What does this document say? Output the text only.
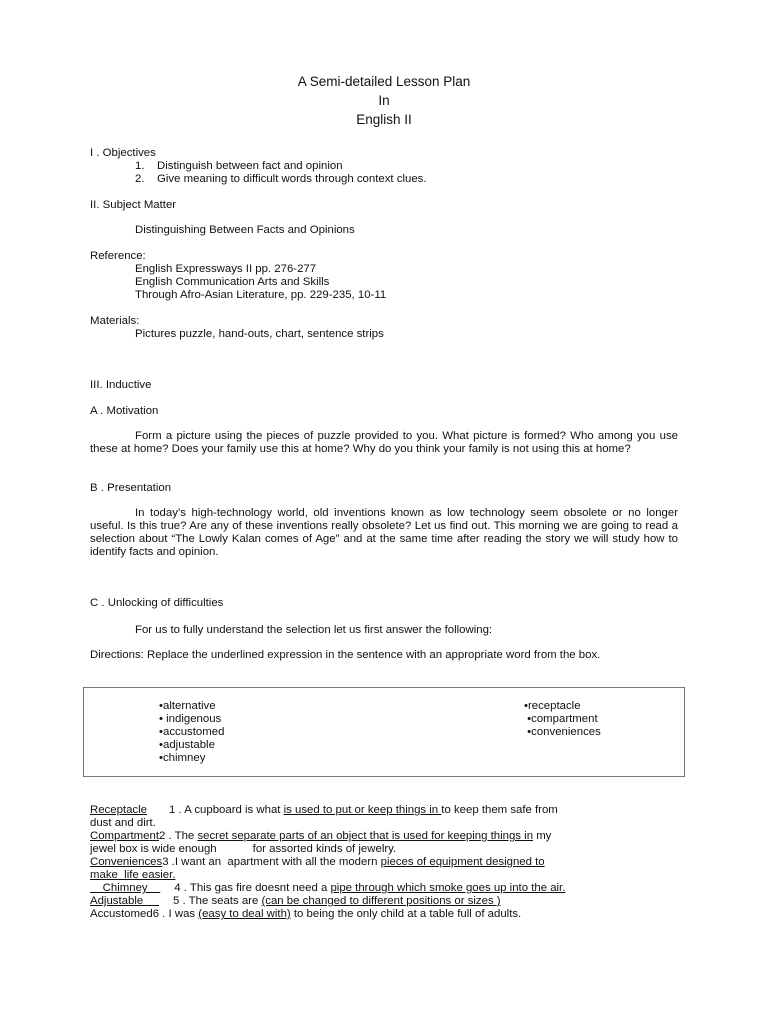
A Semi-detailed Lesson Plan
In
English II
I . Objectives
1. Distinguish between fact and opinion
2. Give meaning to difficult words through context clues.
II. Subject Matter
Distinguishing Between Facts and Opinions
Reference:
English Expressways II pp. 276-277
English Communication Arts and Skills
Through Afro-Asian Literature, pp. 229-235, 10-11
Materials:
Pictures puzzle, hand-outs, chart, sentence strips
III. Inductive
A . Motivation
Form a picture using the pieces of puzzle provided to you. What picture is formed? Who among you use these at home? Does your family use this at home? Why do you think your family is not using this at home?
B . Presentation
In today’s high-technology world, old inventions known as low technology seem obsolete or no longer useful. Is this true? Are any of these inventions really obsolete? Let us find out. This morning we are going to read a selection about “The Lowly Kalan comes of Age” and at the same time after reading the story we will study how to identify facts and opinion.
C . Unlocking of difficulties
For us to fully understand the selection let us first answer the following:
Directions: Replace the underlined expression in the sentence with an appropriate word from the box.
•alternative
• indigenous
•accustomed
•adjustable
•chimney
•receptacle
•compartment
•conveniences
Receptacle 1 . A cupboard is what is used to put or keep things in to keep them safe from
dust and dirt.
Compartment2 . The secret separate parts of an object that is used for keeping things in my
jewel box is wide enough	for assorted kinds of jewelry.
Conveniences3 .I want an  apartment with all the modern pieces of equipment designed to
make  life easier.
Chimney    4 . This gas fire doesnt need a pipe through which smoke goes up into the air.
Adjustable     5 . The seats are (can be changed to different positions or sizes )
Accustomed6 . I was (easy to deal with) to being the only child at a table full of adults.
